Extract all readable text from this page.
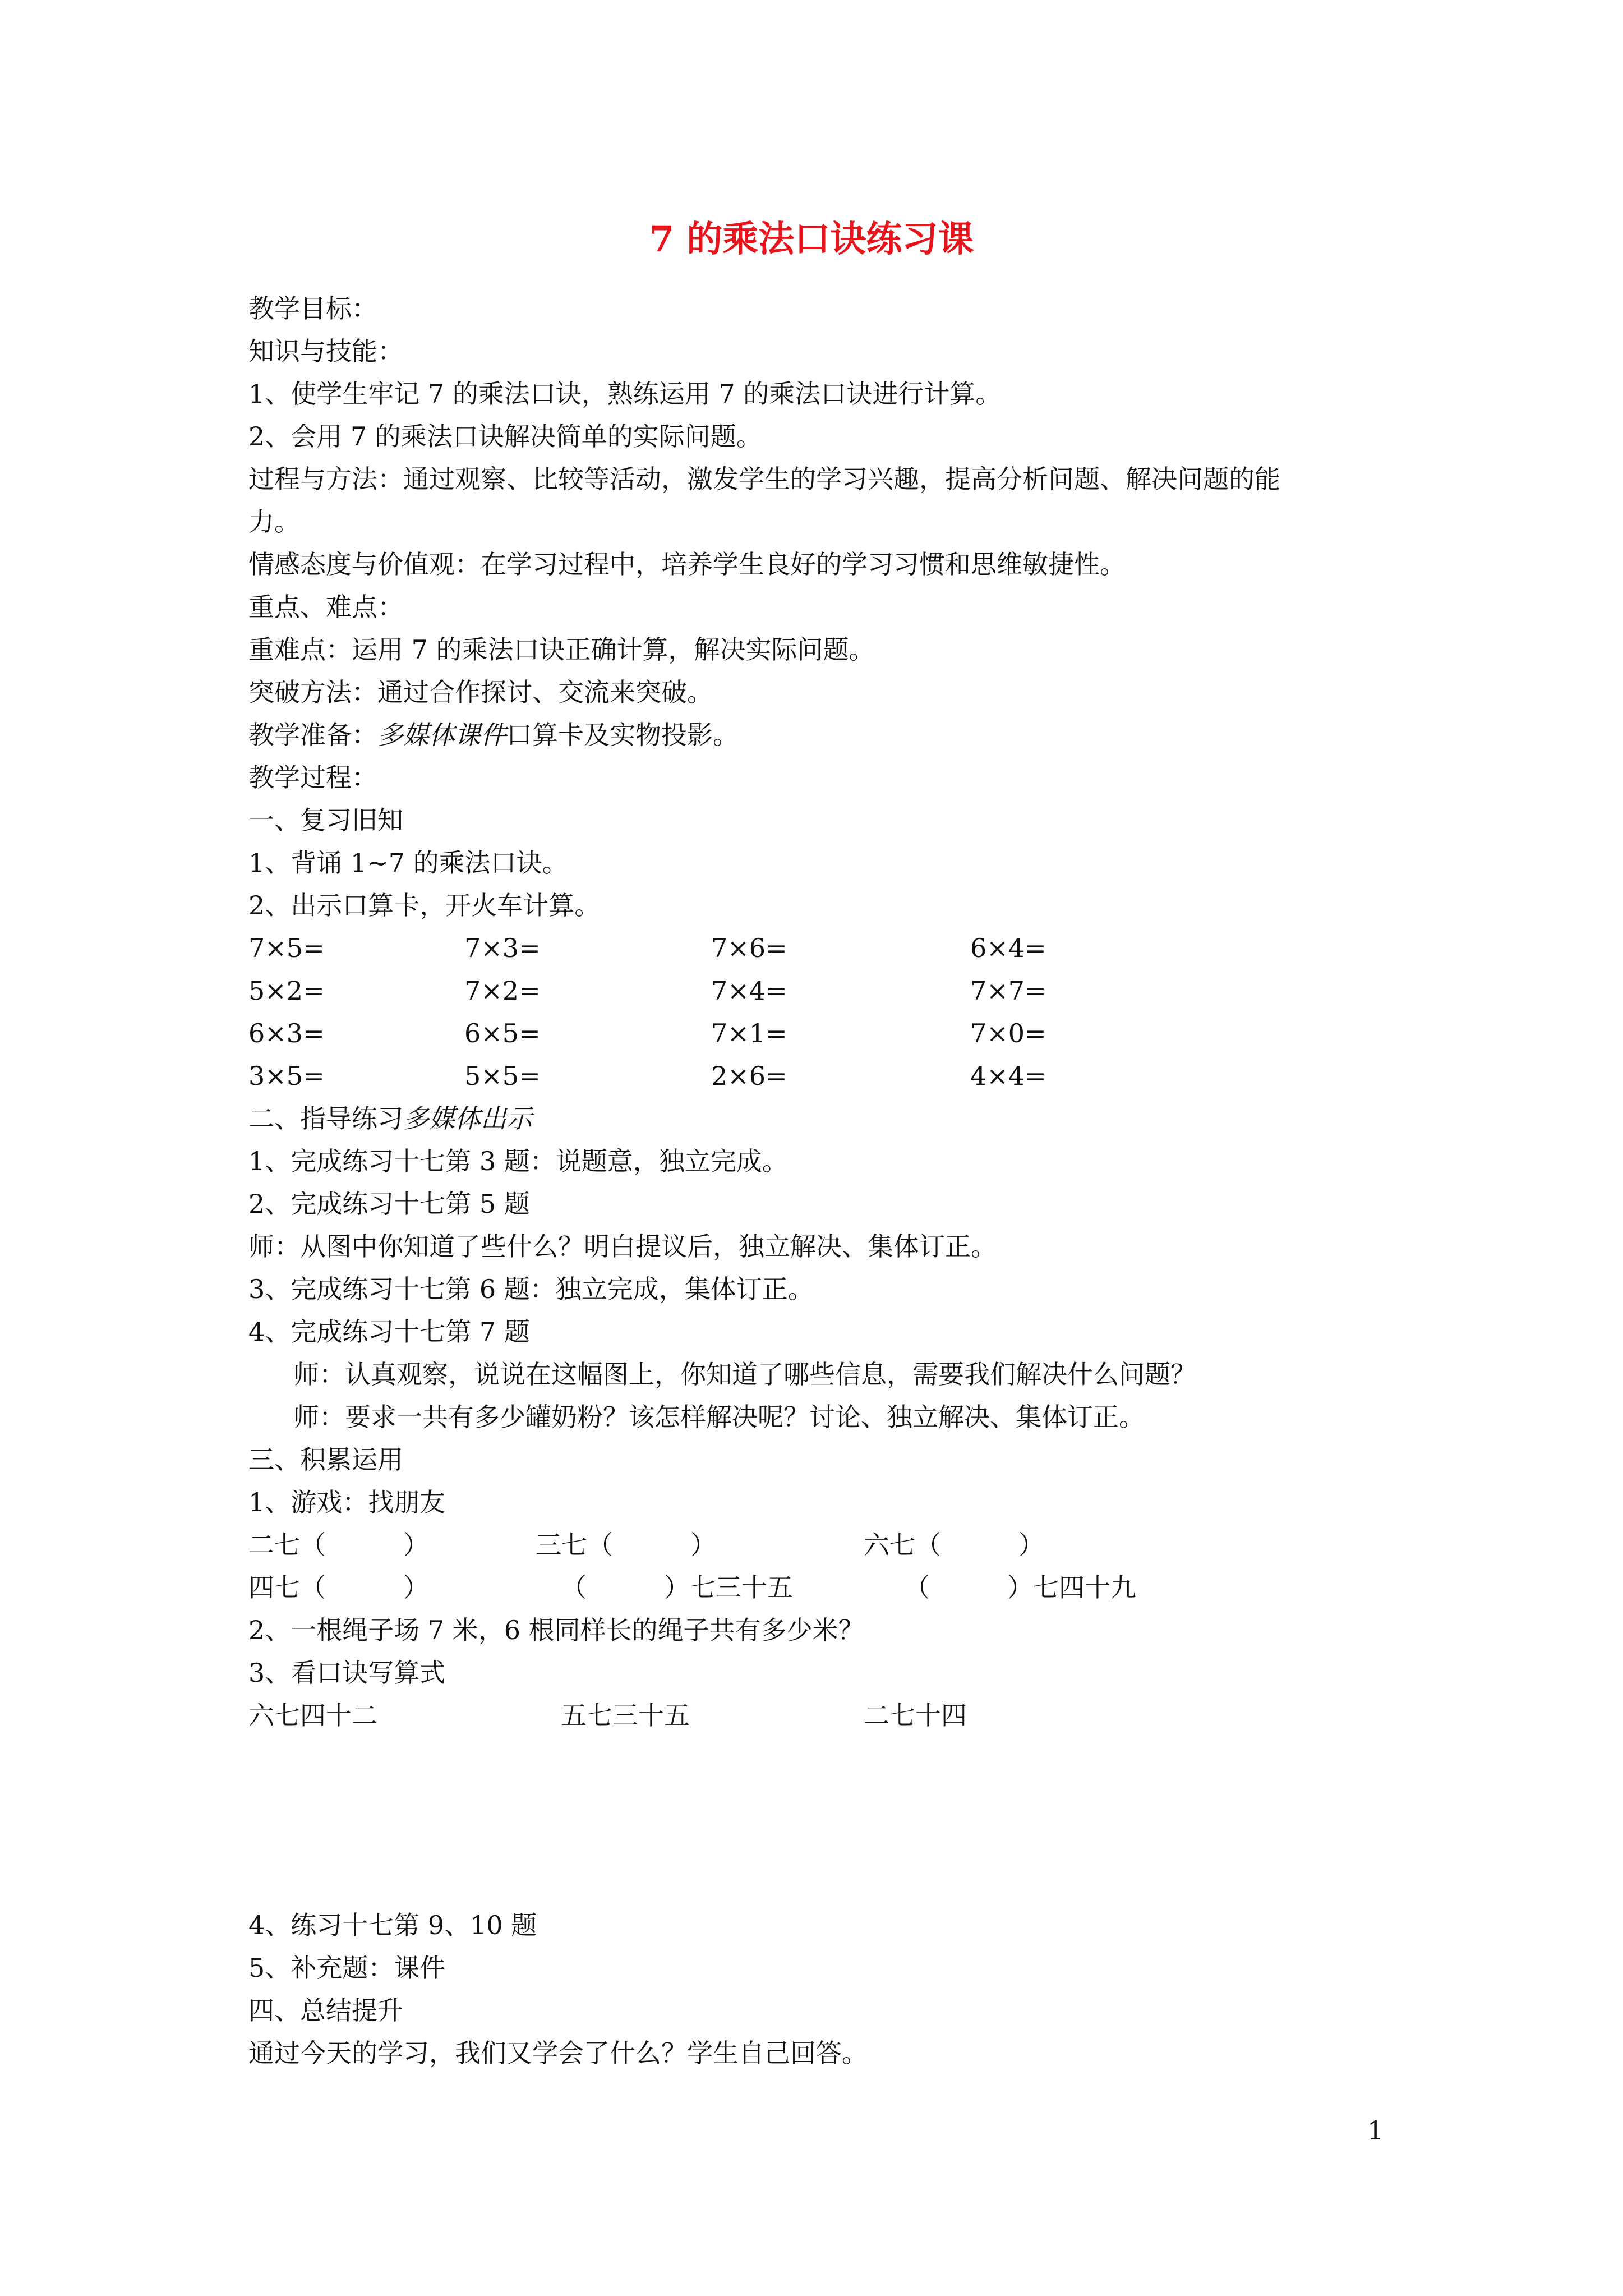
7 的乘法口诀练习课
教学目标：
知识与技能：
1、使学生牢记 7 的乘法口诀，熟练运用 7 的乘法口诀进行计算。
2、会用 7 的乘法口诀解决简单的实际问题。
过程与方法：通过观察、比较等活动，激发学生的学习兴趣，提高分析问题、解决问题的能
力。
情感态度与价值观：在学习过程中，培养学生良好的学习习惯和思维敏捷性。
重点、难点：
重难点：运用 7 的乘法口诀正确计算，解决实际问题。
突破方法：通过合作探讨、交流来突破。
教学准备：多媒体课件口算卡及实物投影。
教学过程：
一、复习旧知
1、背诵 1~7 的乘法口诀。
2、出示口算卡，开火车计算。
7×5=	7×3=	7×6=	6×4=
5×2=	7×2=	7×4=	7×7=
6×3=	6×5=	7×1=	7×0=
3×5=	5×5=	2×6=	4×4=
二、指导练习多媒体出示
1、完成练习十七第 3 题：说题意，独立完成。
2、完成练习十七第 5 题
师：从图中你知道了些什么？明白提议后，独立解决、集体订正。
3、完成练习十七第 6 题：独立完成，集体订正。
4、完成练习十七第 7 题
师：认真观察，说说在这幅图上，你知道了哪些信息，需要我们解决什么问题？
师：要求一共有多少罐奶粉？该怎样解决呢？讨论、独立解决、集体订正。
三、积累运用
1、游戏：找朋友
二七（　　　）	三七（　　　）	六七（　　　）
四七（　　　）	（　　　）七三十五	（　　　）七四十九
2、一根绳子场 7 米，6 根同样长的绳子共有多少米？
3、看口诀写算式
六七四十二	五七三十五	二七十四
4、练习十七第 9、10 题
5、补充题：课件
四、总结提升
通过今天的学习，我们又学会了什么？学生自己回答。
1
